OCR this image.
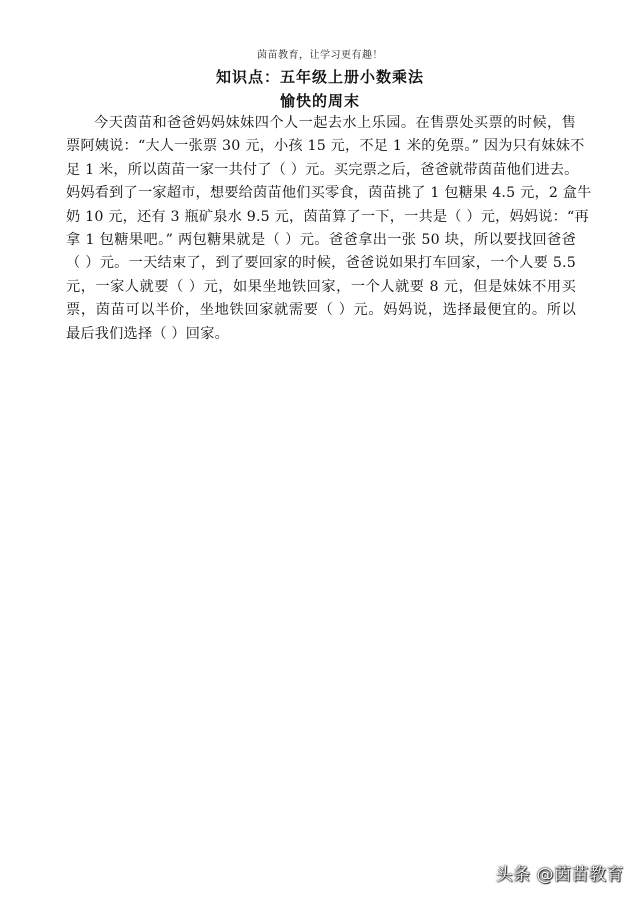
茵苗教育，让学习更有趣！
知识点：五年级上册小数乘法
愉快的周末
今天茵苗和爸爸妈妈妹妹四个人一起去水上乐园。在售票处买票的时候，售
票阿姨说：“大人一张票 30 元，小孩 15 元，不足 1 米的免票。” 因为只有妹妹不
足 1 米，所以茵苗一家一共付了（ ）元。买完票之后，爸爸就带茵苗他们进去。
妈妈看到了一家超市，想要给茵苗他们买零食，茵苗挑了 1 包糖果 4.5 元，2 盒牛
奶 10 元，还有 3 瓶矿泉水 9.5 元，茵苗算了一下，一共是（ ）元，妈妈说：“再
拿 1 包糖果吧。” 两包糖果就是（ ）元。爸爸拿出一张 50 块，所以要找回爸爸
（ ）元。一天结束了，到了要回家的时候，爸爸说如果打车回家，一个人要 5.5
元，一家人就要（ ）元，如果坐地铁回家，一个人就要 8 元，但是妹妹不用买
票，茵苗可以半价，坐地铁回家就需要（ ）元。妈妈说，选择最便宜的。所以
最后我们选择（ ）回家。
头条 @茵苗教育
